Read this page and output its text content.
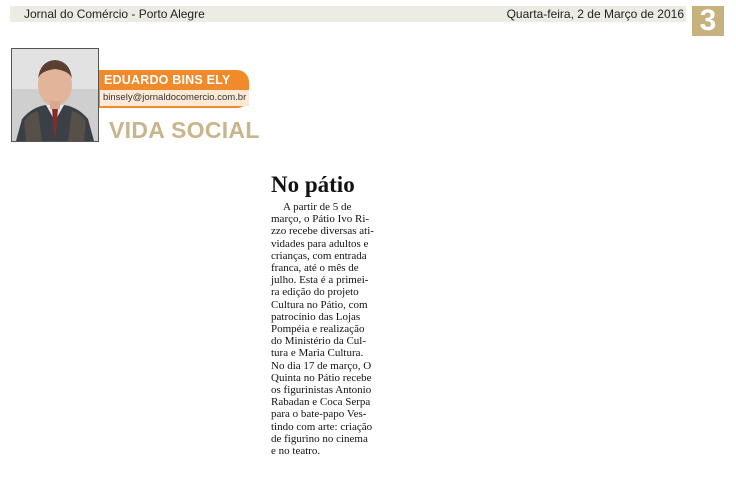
Jornal do Comércio - Porto Alegre	Quarta-feira, 2 de Março de 2016 3
EDUARDO BINS ELY
binsely@jornaldocomercio.com.br
VIDA SOCIAL
No pátio
A partir de 5 de
março, o Pátio Ivo Ri-
zzo recebe diversas ati-
vidades para adultos e
crianças, com entrada
franca, até o mês de
julho. Esta é a primei-
ra edição do projeto
Cultura no Pátio, com
patrocínio das Lojas
Pompéia e realização
do Ministério da Cul-
tura e Maria Cultura.
No dia 17 de março, O
Quinta no Pátio recebe
os figurinistas Antonio
Rabadan e Coca Serpa
para o bate-papo Ves-
tindo com arte: criação
de figurino no cinema
e no teatro.
